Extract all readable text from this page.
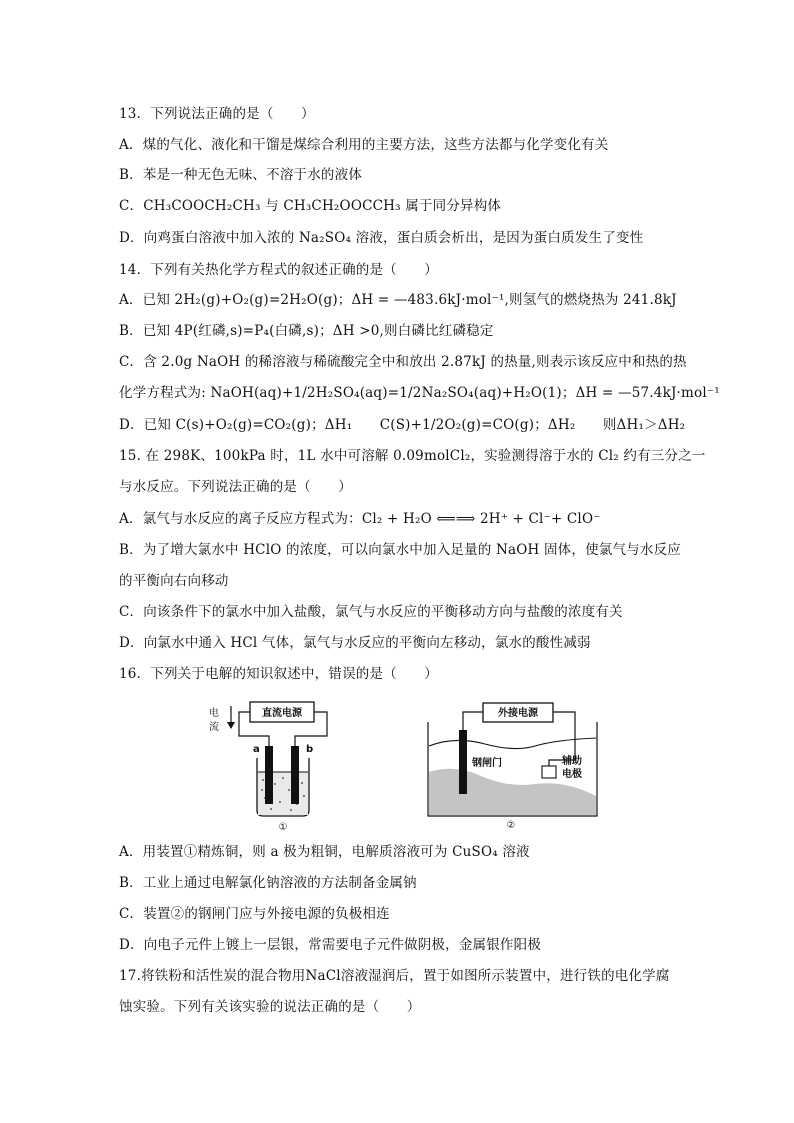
13．下列说法正确的是（　　）
A．煤的气化、液化和干馏是煤综合利用的主要方法，这些方法都与化学变化有关
B．苯是一种无色无味、不溶于水的液体
C．CH₃COOCH₂CH₃ 与 CH₃CH₂OOCCH₃ 属于同分异构体
D．向鸡蛋白溶液中加入浓的 Na₂SO₄ 溶液，蛋白质会析出，是因为蛋白质发生了变性
14．下列有关热化学方程式的叙述正确的是（　　）
A．已知 2H₂(g)+O₂(g)=2H₂O(g)；ΔH = —483.6kJ·mol⁻¹,则氢气的燃烧热为 241.8kJ
B．已知 4P(红磷,s)=P₄(白磷,s)；ΔH >0,则白磷比红磷稳定
C．含 2.0g NaOH 的稀溶液与稀硫酸完全中和放出 2.87kJ 的热量,则表示该反应中和热的热
化学方程式为: NaOH(aq)+1/2H₂SO₄(aq)=1/2Na₂SO₄(aq)+H₂O(1)；ΔH = —57.4kJ·mol⁻¹
D．已知 C(s)+O₂(g)=CO₂(g)；ΔH₁　　C(S)+1/2O₂(g)=CO(g)；ΔH₂　　则ΔH₁＞ΔH₂
15. 在 298K、100kPa 时，1L 水中可溶解 0.09molCl₂，实验测得溶于水的 Cl₂ 约有三分之一
与水反应。下列说法正确的是（　　）
A．氯气与水反应的离子反应方程式为：Cl₂ + H₂O ⟸⟹ 2H⁺ + Cl⁻+ ClO⁻
B．为了增大氯水中 HClO 的浓度，可以向氯水中加入足量的 NaOH 固体，使氯气与水反应
的平衡向右向移动
C．向该条件下的氯水中加入盐酸，氯气与水反应的平衡移动方向与盐酸的浓度有关
D．向氯水中通入 HCl 气体，氯气与水反应的平衡向左移动，氯水的酸性减弱
16．下列关于电解的知识叙述中，错误的是（　　）
电
流
直流电源
a	b
①
外接电源
钢闸门	辅助
电极
②
A．用装置①精炼铜，则 a 极为粗铜，电解质溶液可为 CuSO₄ 溶液
B．工业上通过电解氯化钠溶液的方法制备金属钠
C．装置②的钢闸门应与外接电源的负极相连
D．向电子元件上镀上一层银，常需要电子元件做阴极，金属银作阳极
17.将铁粉和活性炭的混合物用NaCl溶液湿润后，置于如图所示装置中，进行铁的电化学腐
蚀实验。下列有关该实验的说法正确的是（　　）
